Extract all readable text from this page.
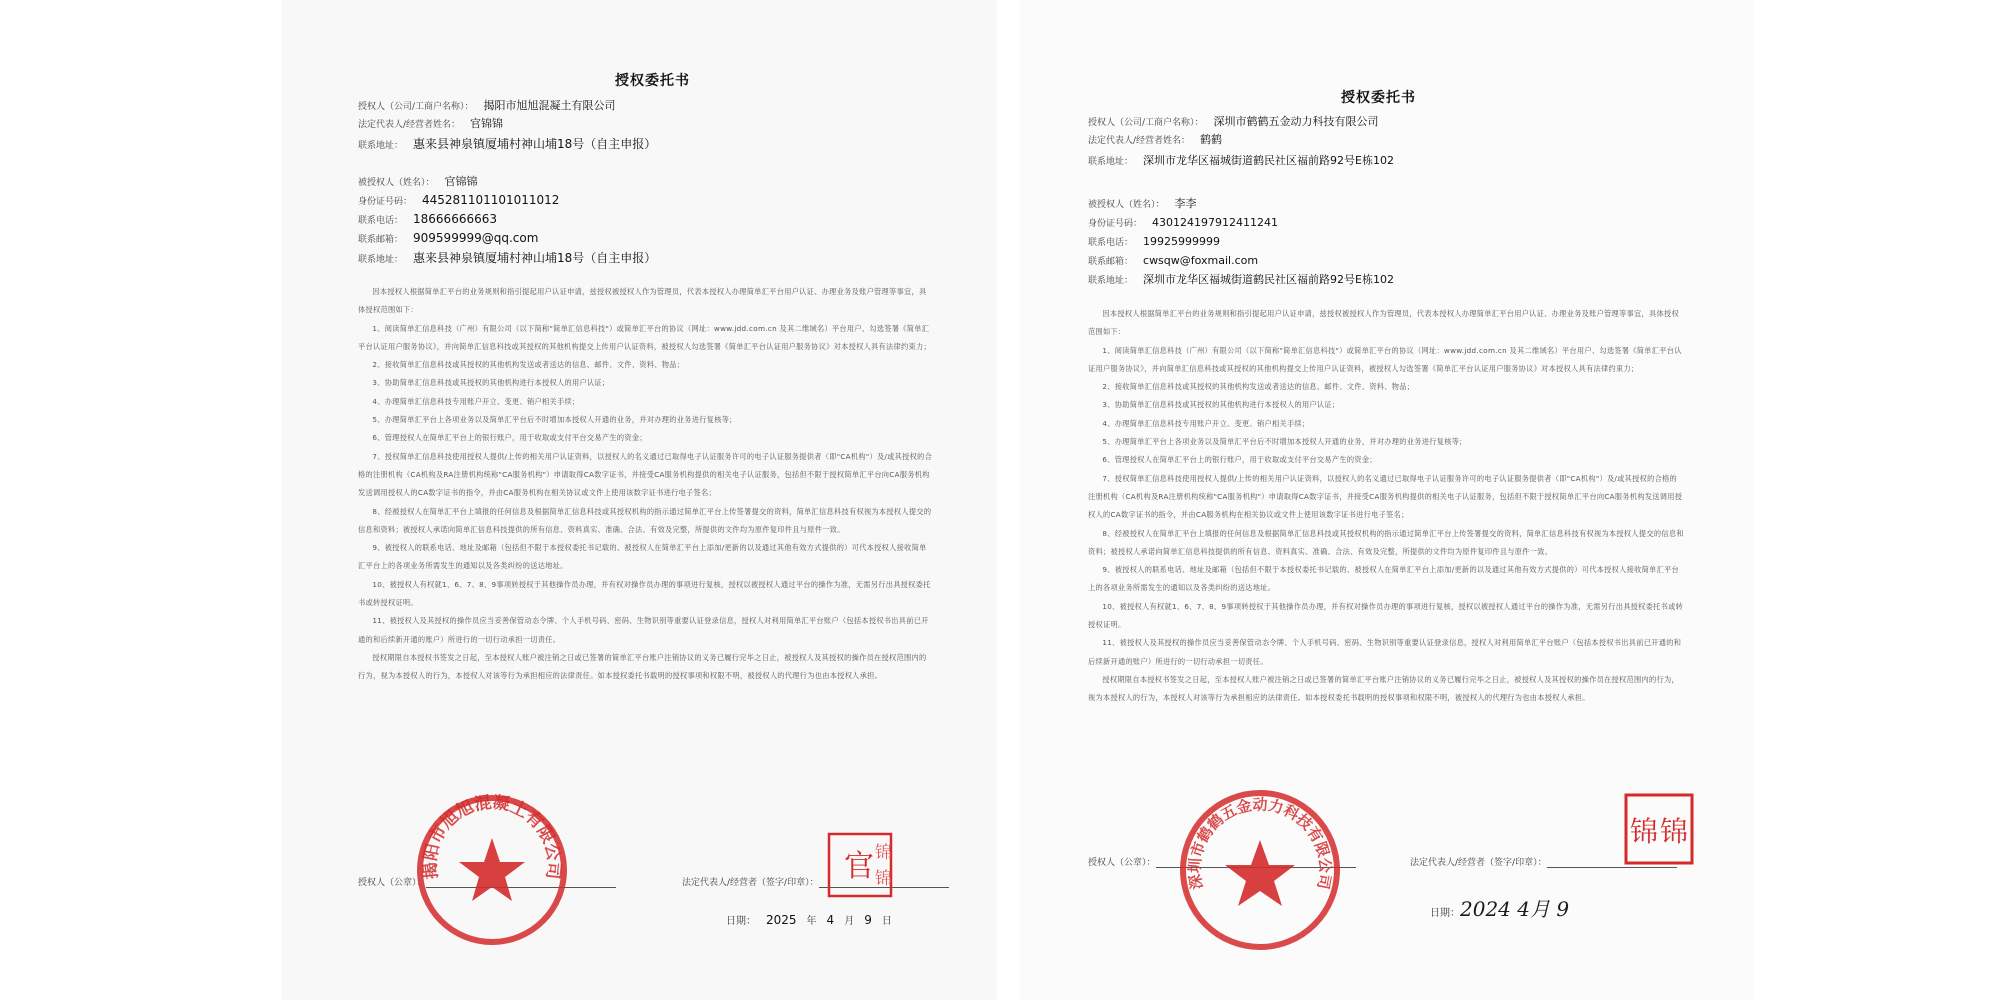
授权委托书
授权人（公司/工商户名称）： 揭阳市旭旭混凝土有限公司
法定代表人/经营者姓名： 官锦锦
联系地址： 惠来县神泉镇厦埔村神山埔18号（自主申报）
被授权人（姓名）： 官锦锦
身份证号码： 445281101101011012
联系电话： 18666666663
联系邮箱： 909599999@qq.com
联系地址： 惠来县神泉镇厦埔村神山埔18号（自主申报）

因本授权人根据简单汇平台的业务规则和指引提起用户认证申请，兹授权被授权人作为管理员，代表本授权人办理简单汇平台用户认证、办理业务及账户管理等事宜，具体授权范围如下：

1、阅读简单汇信息科技（广州）有限公司（以下简称"简单汇信息科技"）或简单汇平台的协议（网址：www.jdd.com.cn 及其二维域名）平台用户、勾选签署《简单汇平台认证用户服务协议》，并向简单汇信息科技或其授权的其他机构提交上传用户认证资料，被授权人勾选签署《简单汇平台认证用户服务协议》对本授权人具有法律约束力；

2、接收简单汇信息科技或其授权的其他机构发送或者送达的信息、邮件、文件、资料、物品；

3、协助简单汇信息科技或其授权的其他机构进行本授权人的用户认证；

4、办理简单汇信息科技专用账户开立、变更、销户相关手续；

5、办理简单汇平台上各项业务以及简单汇平台后不时增加本授权人开通的业务，并对办理的业务进行复核等；

6、管理授权人在简单汇平台上的银行账户，用于收取或支付平台交易产生的资金；

7、授权简单汇信息科技使用授权人提供/上传的相关用户认证资料，以授权人的名义通过已取得电子认证服务许可的电子认证服务提供者（即"CA机构"）及/或其授权的合格的注册机构（CA机构及RA注册机构统称"CA服务机构"）申请取得CA数字证书，并接受CA服务机构提供的相关电子认证服务，包括但不限于授权简单汇平台向CA服务机构发送调用授权人的CA数字证书的指令，并由CA服务机构在相关协议或文件上使用该数字证书进行电子签名；

8、经被授权人在简单汇平台上填报的任何信息及根据简单汇信息科技或其授权机构的指示通过简单汇平台上传签署提交的资料，简单汇信息科技有权视为本授权人提交的信息和资料；被授权人承诺向简单汇信息科技提供的所有信息、资料真实、准确、合法、有效及完整，所提供的文件均为原件复印件且与原件一致。

9、被授权人的联系电话、地址及邮箱（包括但不限于本授权委托书记载的、被授权人在简单汇平台上添加/更新的以及通过其他有效方式提供的）可代本授权人接收简单汇平台上的各项业务所需发生的通知以及各类纠纷的送达地址。

10、被授权人有权就1、6、7、8、9事项转授权于其他操作员办理，并有权对操作员办理的事项进行复核，授权以被授权人通过平台的操作为准，无需另行出具授权委托书或转授权证明。

11、被授权人及其授权的操作员应当妥善保管动态令牌、个人手机号码、密码、生物识别等重要认证登录信息，授权人对利用简单汇平台账户（包括本授权书出具前已开通的和后续新开通的账户）所进行的一切行动承担一切责任。

授权期限自本授权书签发之日起，至本授权人账户被注销之日或已签署的简单汇平台账户注销协议的义务已履行完毕之日止，被授权人及其授权的操作员在授权范围内的行为，视为本授权人的行为，本授权人对该等行为承担相应的法律责任。如本授权委托书载明的授权事项和权限不明，被授权人的代理行为也由本授权人承担。

授权人（公章）：	法定代表人/经营者（签字/印章）：
日期： 2025 年 4 月 9 日
揭阳市旭旭混凝土有限公司	官 锦
锦
授权委托书
授权人（公司/工商户名称）： 深圳市鹤鹤五金动力科技有限公司
法定代表人/经营者姓名： 鹤鹤
联系地址： 深圳市龙华区福城街道鹤民社区福前路92号E栋102
被授权人（姓名）： 李李
身份证号码： 430124197912411241
联系电话： 19925999999
联系邮箱： cwsqw@foxmail.com
联系地址： 深圳市龙华区福城街道鹤民社区福前路92号E栋102

因本授权人根据简单汇平台的业务规则和指引提起用户认证申请，兹授权被授权人作为管理员，代表本授权人办理简单汇平台用户认证、办理业务及账户管理等事宜，具体授权范围如下：

1、阅读简单汇信息科技（广州）有限公司（以下简称"简单汇信息科技"）或简单汇平台的协议（网址：www.jdd.com.cn 及其二维域名）平台用户、勾选签署《简单汇平台认证用户服务协议》，并向简单汇信息科技或其授权的其他机构提交上传用户认证资料，被授权人勾选签署《简单汇平台认证用户服务协议》对本授权人具有法律约束力；

2、接收简单汇信息科技或其授权的其他机构发送或者送达的信息、邮件、文件、资料、物品；

3、协助简单汇信息科技或其授权的其他机构进行本授权人的用户认证；

4、办理简单汇信息科技专用账户开立、变更、销户相关手续；

5、办理简单汇平台上各项业务以及简单汇平台后不时增加本授权人开通的业务，并对办理的业务进行复核等；

6、管理授权人在简单汇平台上的银行账户，用于收取或支付平台交易产生的资金；

7、授权简单汇信息科技使用授权人提供/上传的相关用户认证资料，以授权人的名义通过已取得电子认证服务许可的电子认证服务提供者（即"CA机构"）及/或其授权的合格的注册机构（CA机构及RA注册机构统称"CA服务机构"）申请取得CA数字证书，并接受CA服务机构提供的相关电子认证服务，包括但不限于授权简单汇平台向CA服务机构发送调用授权人的CA数字证书的指令，并由CA服务机构在相关协议或文件上使用该数字证书进行电子签名；

8、经被授权人在简单汇平台上填报的任何信息及根据简单汇信息科技或其授权机构的指示通过简单汇平台上传签署提交的资料，简单汇信息科技有权视为本授权人提交的信息和资料；被授权人承诺向简单汇信息科技提供的所有信息、资料真实、准确、合法、有效及完整，所提供的文件均为原件复印件且与原件一致。

9、被授权人的联系电话、地址及邮箱（包括但不限于本授权委托书记载的、被授权人在简单汇平台上添加/更新的以及通过其他有效方式提供的）可代本授权人接收简单汇平台上的各项业务所需发生的通知以及各类纠纷的送达地址。

10、被授权人有权就1、6、7、8、9事项转授权于其他操作员办理，并有权对操作员办理的事项进行复核，授权以被授权人通过平台的操作为准，无需另行出具授权委托书或转授权证明。

11、被授权人及其授权的操作员应当妥善保管动态令牌、个人手机号码、密码、生物识别等重要认证登录信息，授权人对利用简单汇平台账户（包括本授权书出具前已开通的和后续新开通的账户）所进行的一切行动承担一切责任。

授权期限自本授权书签发之日起，至本授权人账户被注销之日或已签署的简单汇平台账户注销协议的义务已履行完毕之日止，被授权人及其授权的操作员在授权范围内的行为，视为本授权人的行为，本授权人对该等行为承担相应的法律责任。如本授权委托书载明的授权事项和权限不明，被授权人的代理行为也由本授权人承担。

授权人（公章）：	法定代表人/经营者（签字/印章）：
日期：2024 4月 9
深圳市鹤鹤五金动力科技有限公司
锦 锦
